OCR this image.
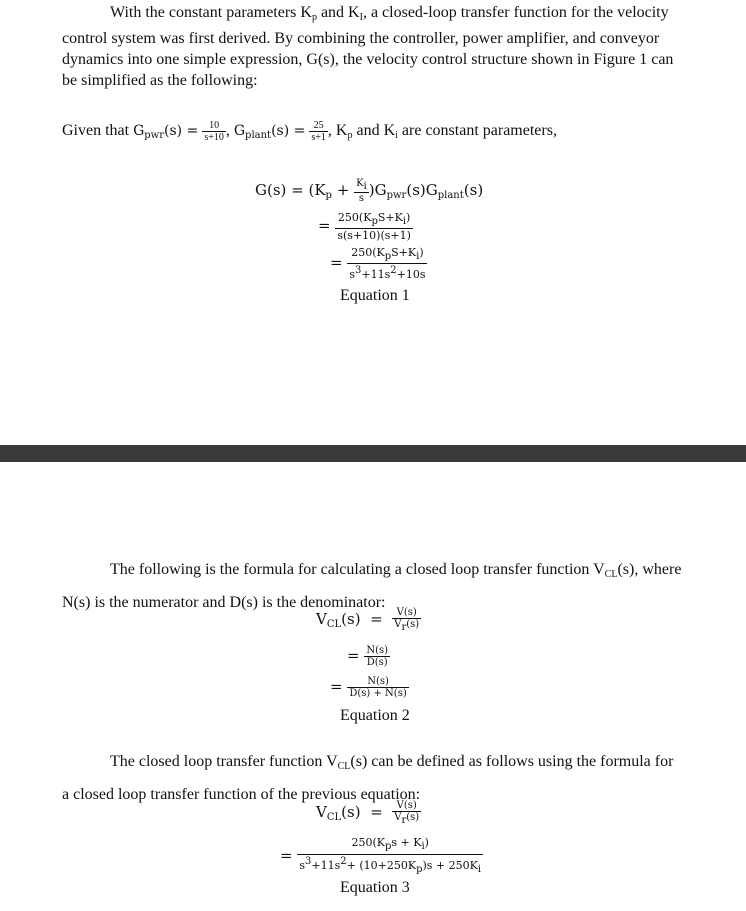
With the constant parameters $K_p$ and $K_I$, a closed-loop transfer function for the velocity control system was first derived. By combining the controller, power amplifier, and conveyor dynamics into one simple expression, G(s), the velocity control structure shown in Figure 1 can be simplified as the following:

Given that $G_{pwr}(s) = \frac{10}{s+10}$ , $G_{plant}(s) = \frac{25}{s+1}$ , $K_p$ and $K_i$ are constant parameters,
$G(s) = (K_p + \frac{K_i}{s} )G_{pwr}(s)G_{plant}(s)$
= $\frac{250(K_pS+K_i)}{s(s+10)(s+1)}$
= $\frac{250(K_pS+K_i)}{s^3+11s^2+10s}$
Equation 1

The following is the formula for calculating a closed loop transfer function $V_{CL}(s)$, where N(s) is the numerator and D(s) is the denominator:

$V_{CL}(s) = \frac{V(s)}{V_r(s)}$
= $\frac{N(s)}{D(s)}$
= $\frac{N(s)}{D(s) + N(s)}$
Equation 2

The closed loop transfer function $V_{CL}(s)$ can be defined as follows using the formula for a closed loop transfer function of the previous equation:

$V_{CL}(s) = \frac{V(s)}{V_r(s)}$
= $\frac{250(K_ps + K_i)}{s^3+11s^2+ (10+250K_p)s + 250K_i}$
Equation 3
